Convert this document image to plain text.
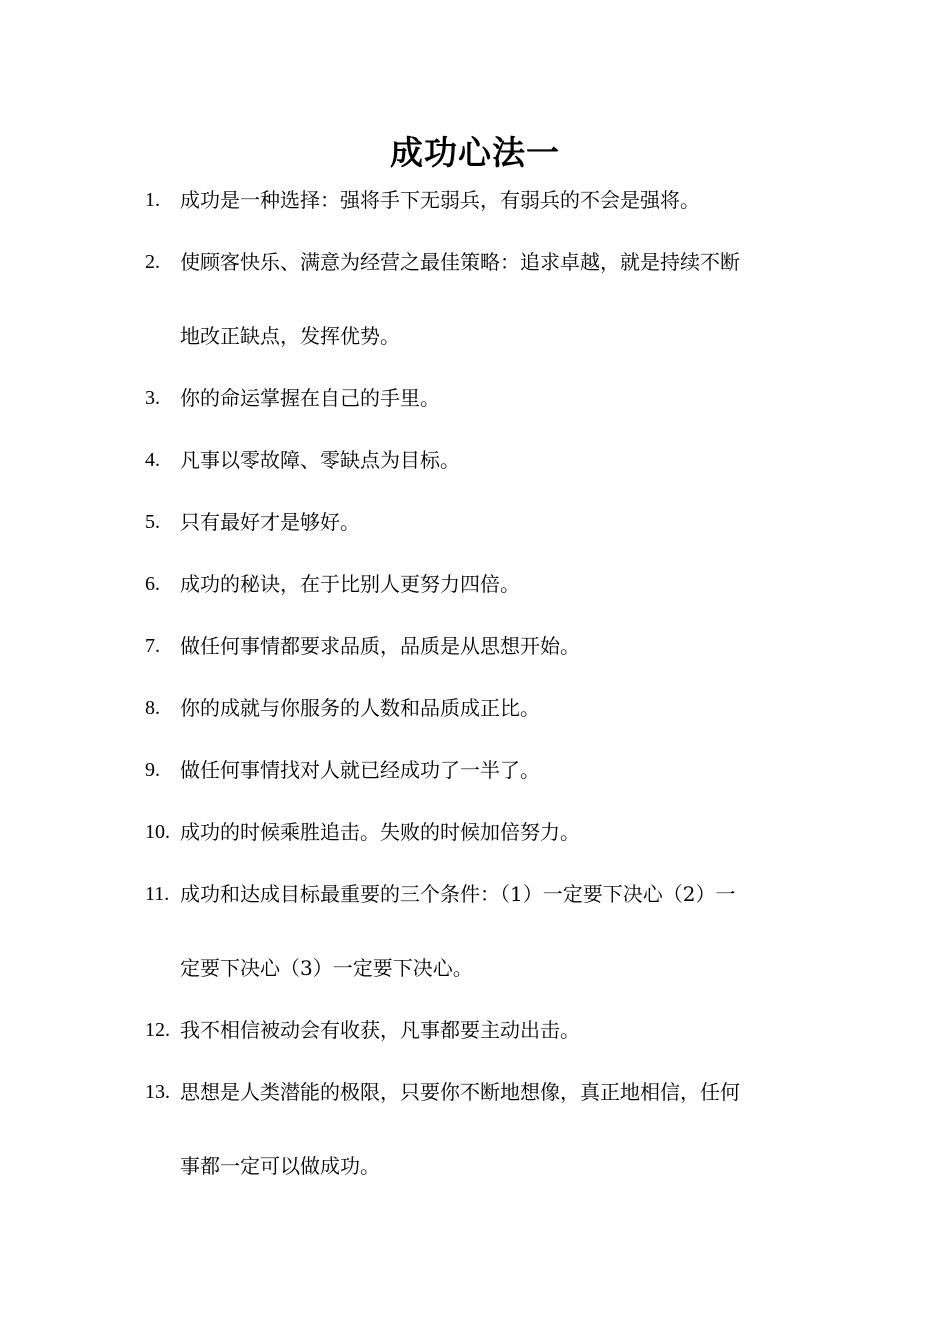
成功心法一
1. 成功是一种选择：强将手下无弱兵，有弱兵的不会是强将。
2. 使顾客快乐、满意为经营之最佳策略：追求卓越，就是持续不断
地改正缺点，发挥优势。
3. 你的命运掌握在自己的手里。
4. 凡事以零故障、零缺点为目标。
5. 只有最好才是够好。
6. 成功的秘诀，在于比别人更努力四倍。
7. 做任何事情都要求品质，品质是从思想开始。
8. 你的成就与你服务的人数和品质成正比。
9. 做任何事情找对人就已经成功了一半了。
10. 成功的时候乘胜追击。失败的时候加倍努力。
11. 成功和达成目标最重要的三个条件：（1）一定要下决心（2）一
定要下决心（3）一定要下决心。
12. 我不相信被动会有收获，凡事都要主动出击。
13. 思想是人类潜能的极限，只要你不断地想像，真正地相信，任何
事都一定可以做成功。
